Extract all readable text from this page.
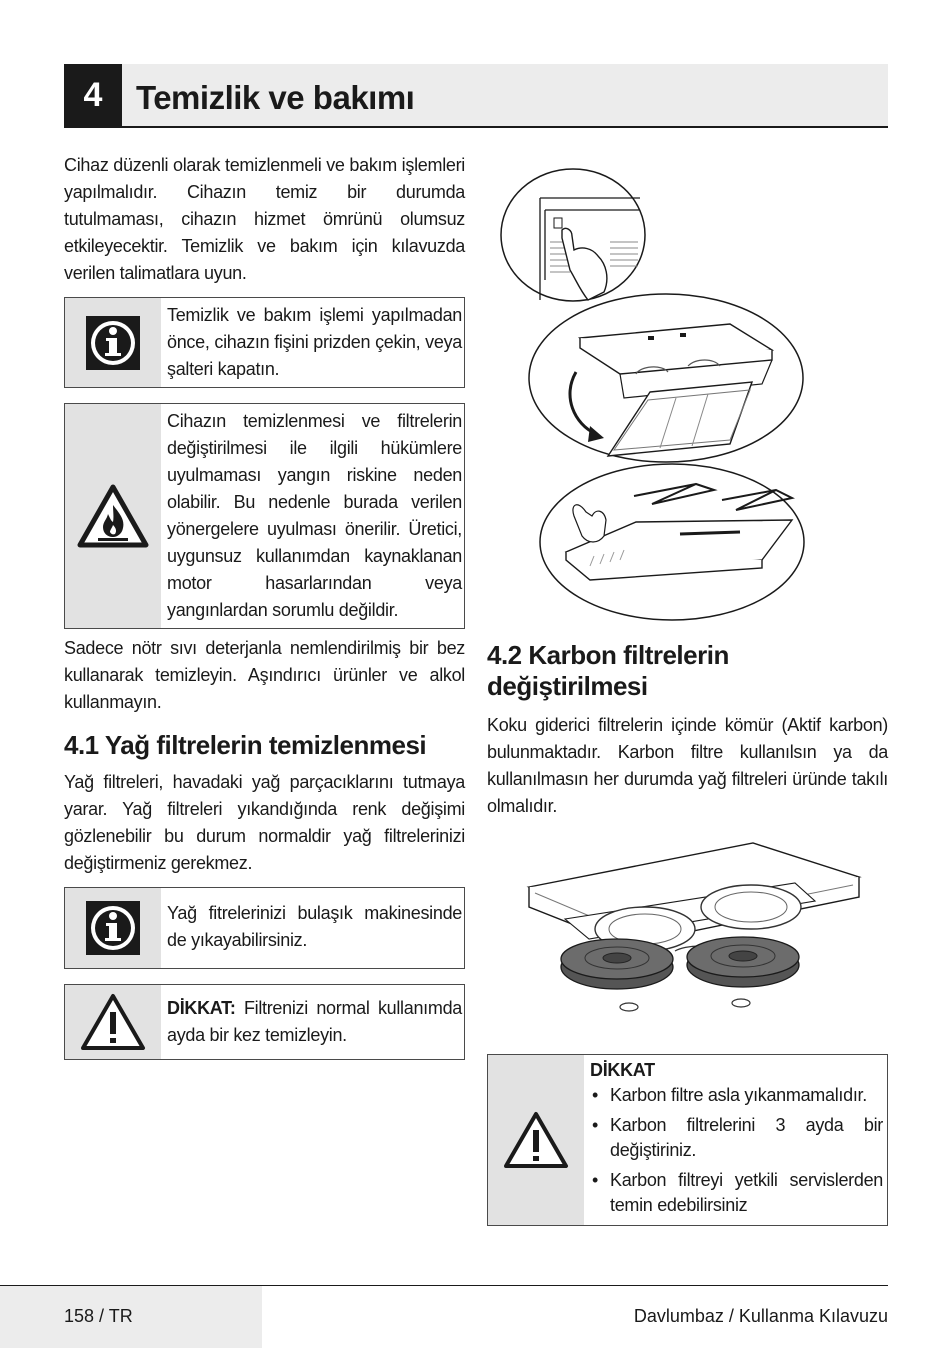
4	Temizlik ve bakımı

Cihaz düzenli olarak temizlenmeli ve bakım işlemleri yapılmalıdır. Cihazın temiz bir durumda tutulmaması, cihazın hizmet ömrünü olumsuz etkileyecektir. Temizlik ve bakım için kılavuzda verilen talimatlara uyun.

Temizlik ve bakım işlemi yapılmadan önce, cihazın fişini prizden çekin, veya şalteri kapatın.
Cihazın temizlenmesi ve filtrelerin değiştirilmesi ile ilgili hükümlere uyulmaması yangın riskine neden olabilir. Bu nedenle burada verilen yönergelere uyulması önerilir. Üretici, uygunsuz kullanımdan kaynaklanan motor hasarlarından veya yangınlardan sorumlu değildir.

Sadece nötr sıvı deterjanla nemlendirilmiş bir bez kullanarak temizleyin. Aşındırıcı ürünler ve alkol kullanmayın.

4.1 Yağ filtrelerin temizlenmesi

Yağ filtreleri, havadaki yağ parçacıklarını tutmaya yarar. Yağ filtreleri yıkandığında renk değişimi gözlenebilir bu durum normaldir yağ filtrelerinizi değiştirmeniz gerekmez.

Yağ fitrelerinizi bulaşık makinesinde de yıkayabilirsiniz.
DİKKAT: Filtrenizi normal kullanımda ayda bir kez temizleyin.
4.2 Karbon filtrelerin değiştirilmesi

Koku giderici filtrelerin içinde kömür (Aktif karbon) bulunmaktadır. Karbon filtre kullanılsın ya da kullanılmasın her durumda yağ filtreleri üründe takılı olmalıdır.

DİKKAT
• Karbon filtre asla yıkanmamalıdır.
• Karbon filtrelerini 3 ayda bir değiştiriniz.
• Karbon filtreyi yetkili servislerden temin edebilirsiniz
158 / TR	Davlumbaz / Kullanma Kılavuzu
